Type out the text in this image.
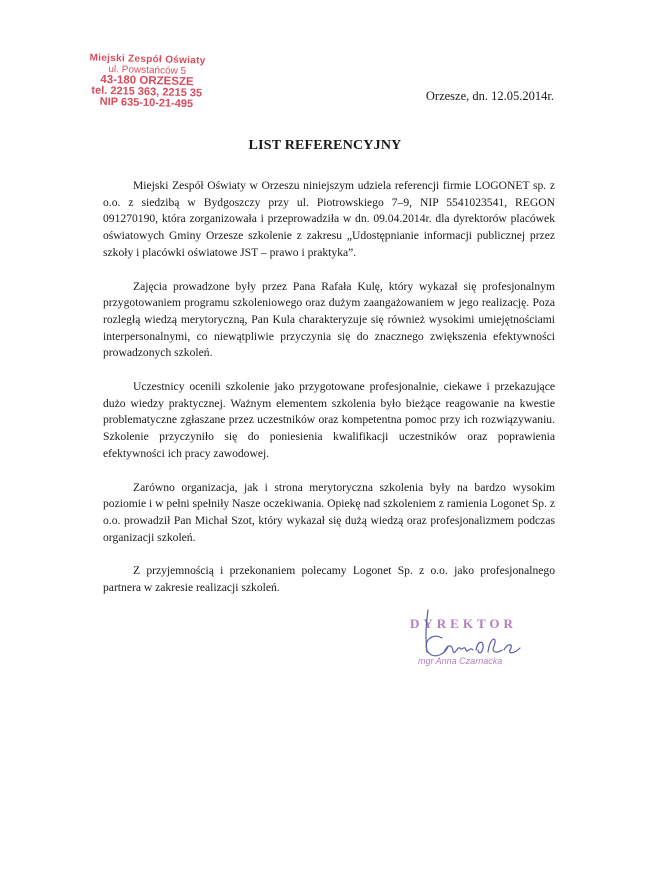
Miejski Zespół Oświaty
ul. Powstańców 5
43-180 ORZESZE
tel. 2215 363, 2215 35
NIP 635-10-21-495	Orzesze, dn. 12.05.2014r.
LIST REFERENCYJNY

Miejski Zespół Oświaty w Orzeszu niniejszym udziela referencji firmie LOGONET sp. z o.o. z siedzibą w Bydgoszczy przy ul. Piotrowskiego 7–9, NIP 5541023541, REGON 091270190, która zorganizowała i przeprowadziła w dn. 09.04.2014r. dla dyrektorów placówek oświatowych Gminy Orzesze szkolenie z zakresu „Udostępnianie informacji publicznej przez szkoły i placówki oświatowe JST – prawo i praktyka”.

Zajęcia prowadzone były przez Pana Rafała Kulę, który wykazał się profesjonalnym przygotowaniem programu szkoleniowego oraz dużym zaangażowaniem w jego realizację. Poza rozległą wiedzą merytoryczną, Pan Kula charakteryzuje się również wysokimi umiejętnościami interpersonalnymi, co niewątpliwie przyczynia się do znacznego zwiększenia efektywności prowadzonych szkoleń.

Uczestnicy ocenili szkolenie jako przygotowane profesjonalnie, ciekawe i przekazujące dużo wiedzy praktycznej. Ważnym elementem szkolenia było bieżące reagowanie na kwestie problematyczne zgłaszane przez uczestników oraz kompetentna pomoc przy ich rozwiązywaniu. Szkolenie przyczyniło się do poniesienia kwalifikacji uczestników oraz poprawienia efektywności ich pracy zawodowej.

Zarówno organizacja, jak i strona merytoryczna szkolenia były na bardzo wysokim poziomie i w pełni spełniły Nasze oczekiwania. Opiekę nad szkoleniem z ramienia Logonet Sp. z o.o. prowadził Pan Michał Szot, który wykazał się dużą wiedzą oraz profesjonalizmem podczas organizacji szkoleń.

Z przyjemnością i przekonaniem polecamy Logonet Sp. z o.o. jako profesjonalnego partnera w zakresie realizacji szkoleń.

DYREKTOR
mgr Anna Czarnacka
